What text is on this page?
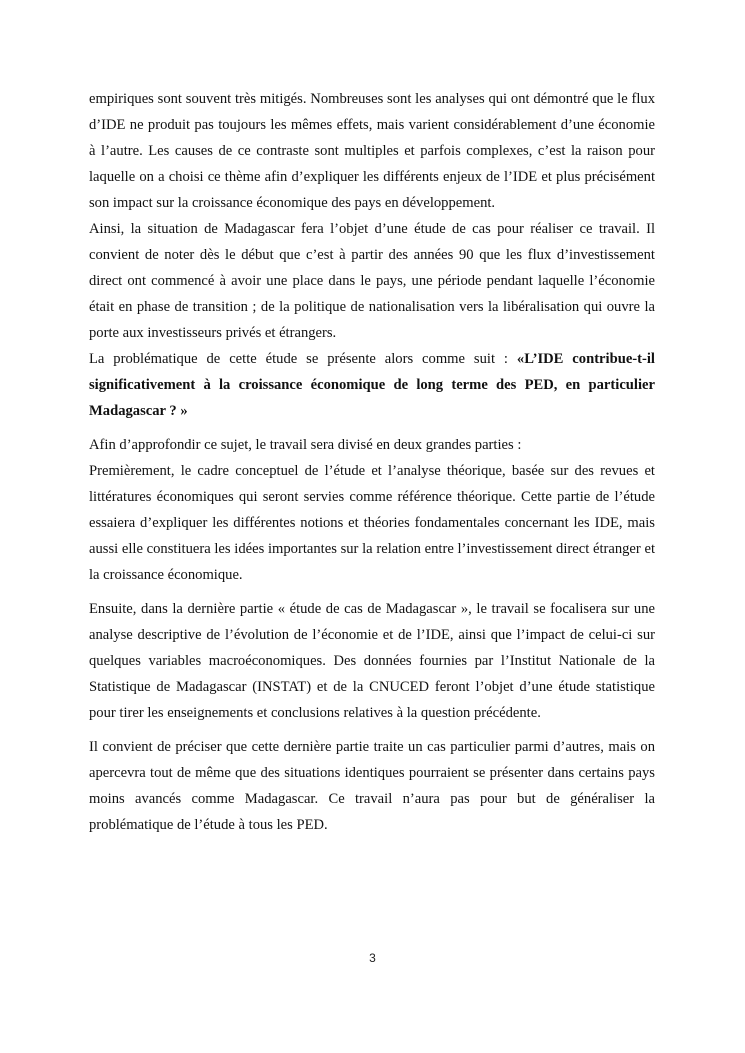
empiriques sont souvent très mitigés. Nombreuses sont les analyses qui ont démontré que le flux d’IDE ne produit pas toujours les mêmes effets, mais varient considérablement d’une économie à l’autre. Les causes de ce contraste sont multiples et parfois complexes, c’est la raison pour laquelle on a choisi ce thème afin d’expliquer les différents enjeux de l’IDE et plus précisément son impact sur la croissance économique des pays en développement.

Ainsi, la situation de Madagascar fera l’objet d’une étude de cas pour réaliser ce travail. Il convient de noter dès le début que c’est à partir des années 90 que les flux d’investissement direct ont commencé à avoir une place dans le pays, une période pendant laquelle l’économie était en phase de transition ; de la politique de nationalisation vers la libéralisation qui ouvre la porte aux investisseurs privés et étrangers.

La problématique de cette étude se présente alors comme suit : «L’IDE contribue-t-il significativement à la croissance économique de long terme des PED, en particulier Madagascar ? »

Afin d’approfondir ce sujet, le travail sera divisé en deux grandes parties :

Premièrement, le cadre conceptuel de l’étude et l’analyse théorique, basée sur des revues et littératures économiques qui seront servies comme référence théorique. Cette partie de l’étude essaiera d’expliquer les différentes notions et théories fondamentales concernant les IDE, mais aussi elle constituera les idées importantes sur la relation entre l’investissement direct étranger et la croissance économique.

Ensuite, dans la dernière partie « étude de cas de Madagascar », le travail se focalisera sur une analyse descriptive de l’évolution de l’économie et de l’IDE, ainsi que l’impact de celui-ci sur quelques variables macroéconomiques. Des données fournies par l’Institut Nationale de la Statistique de Madagascar (INSTAT) et de la CNUCED feront l’objet d’une étude statistique pour tirer les enseignements et conclusions relatives à la question précédente.

Il convient de préciser que cette dernière partie traite un cas particulier parmi d’autres, mais on apercevra tout de même que des situations identiques pourraient se présenter dans certains pays moins avancés comme Madagascar. Ce travail n’aura pas pour but de généraliser la problématique de l’étude à tous les PED.

3
